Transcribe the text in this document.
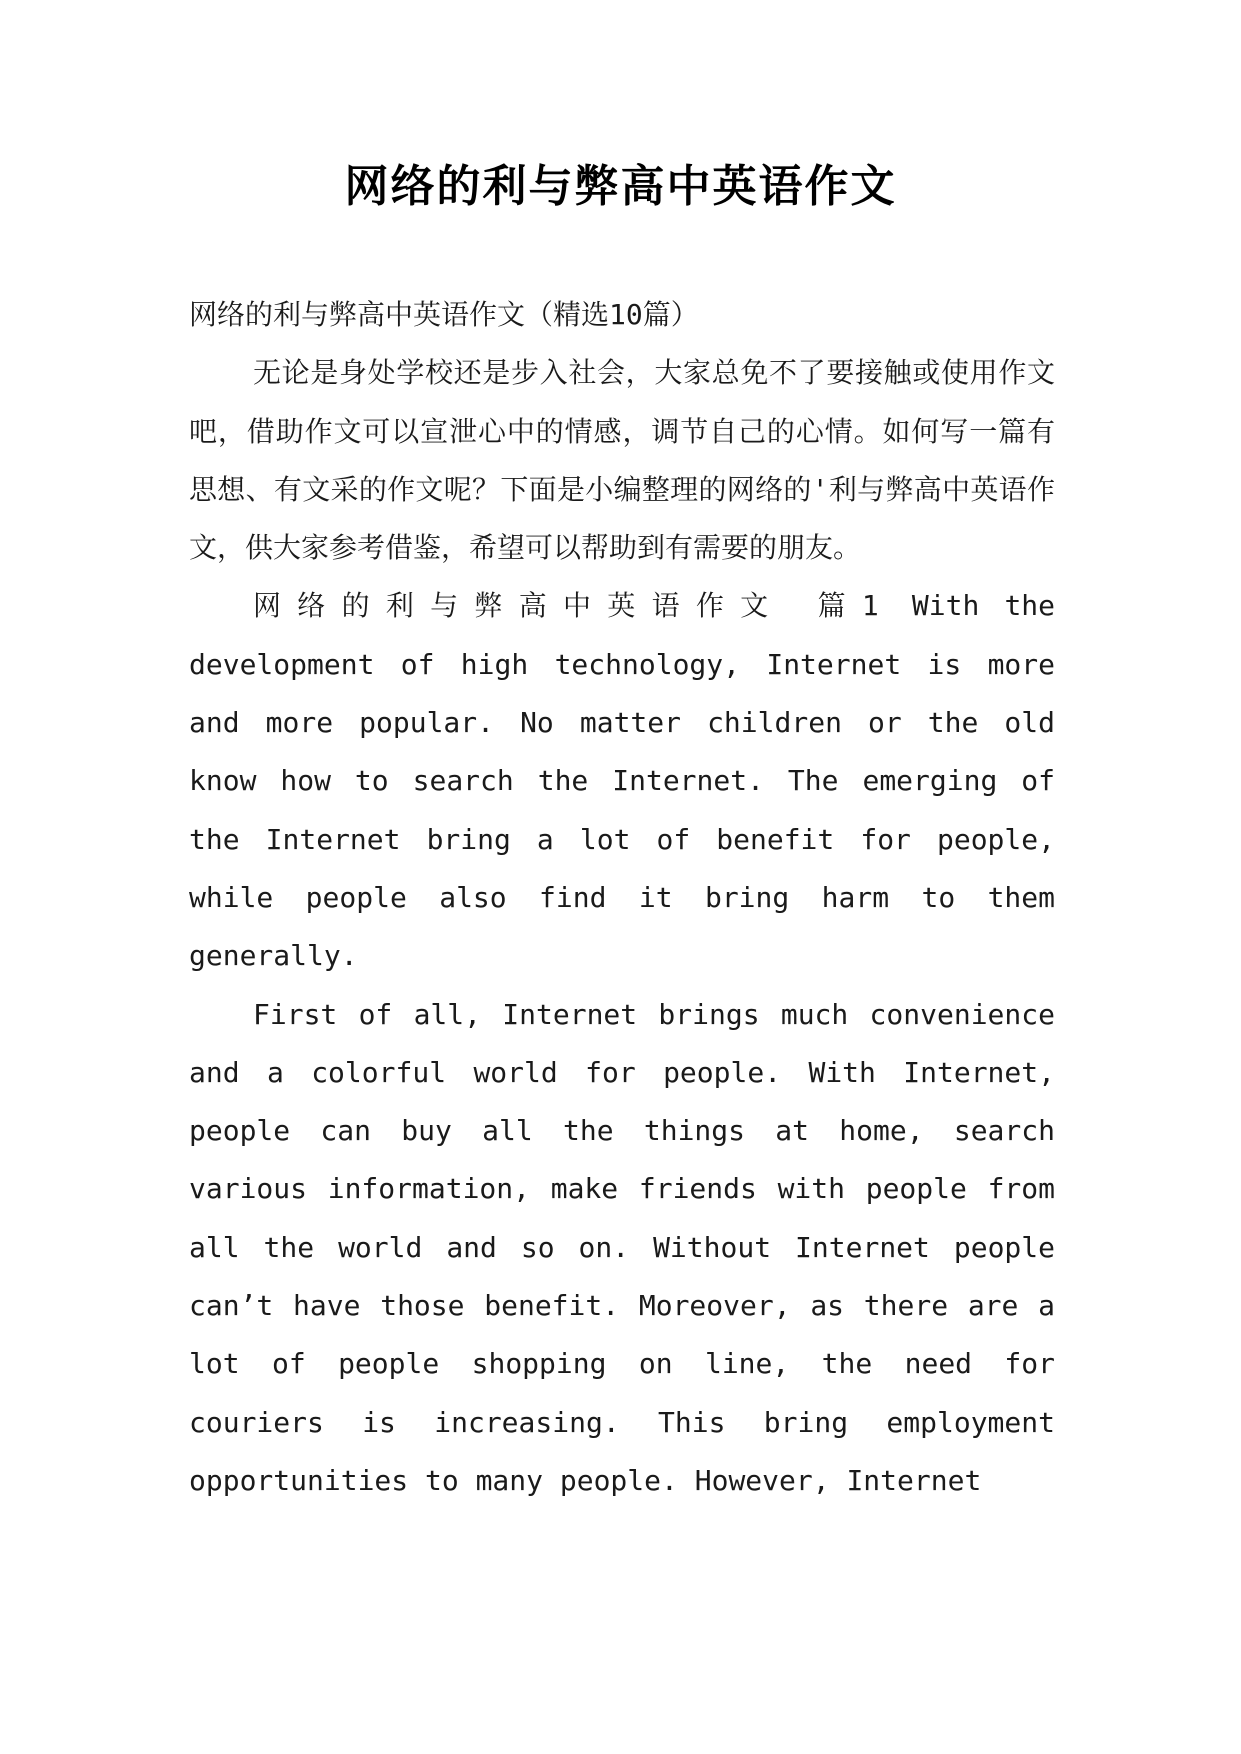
网络的利与弊高中英语作文

网络的利与弊高中英语作文（精选10篇）

无论是身处学校还是步入社会，大家总免不了要接触或使用作文吧，借助作文可以宣泄心中的情感，调节自己的心情。如何写一篇有思想、有文采的作文呢？下面是小编整理的网络的'利与弊高中英语作文，供大家参考借鉴，希望可以帮助到有需要的朋友。

网络的利与弊高中英语作文 篇1 With the development of high technology, Internet is more and more popular. No matter children or the old know how to search the Internet. The emerging of the Internet bring a lot of benefit for people, while people also find it bring harm to them generally.

First of all, Internet brings much convenience and a colorful world for people. With Internet, people can buy all the things at home, search various information, make friends with people from all the world and so on. Without Internet people can’t have those benefit. Moreover, as there are a lot of people shopping on line, the need for couriers is increasing. This bring employment opportunities to many people. However, Internet
